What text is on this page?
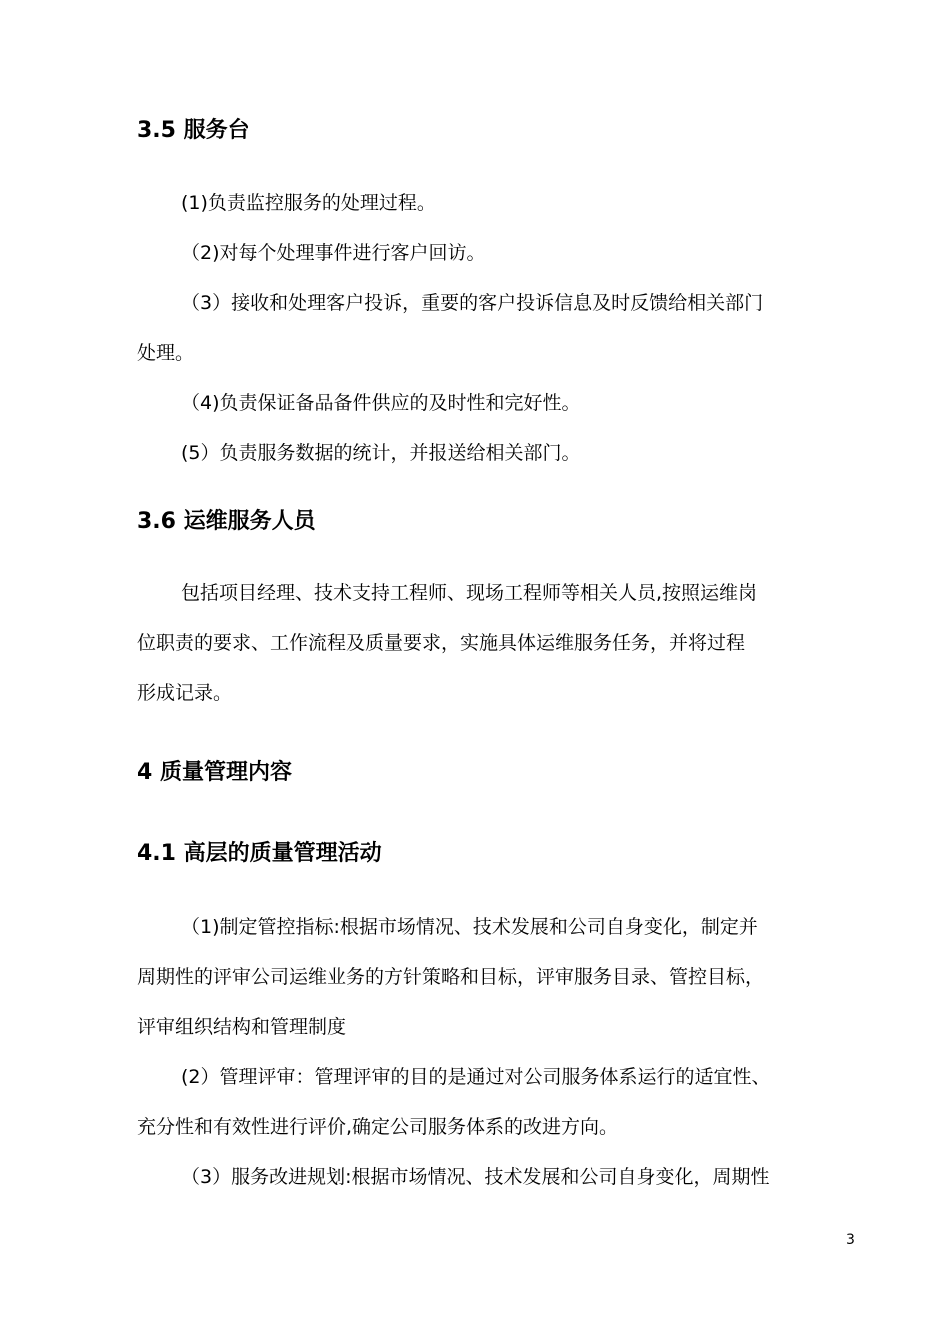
3.5 服务台
(1)负责监控服务的处理过程。
（2)对每个处理事件进行客户回访。
（3）接收和处理客户投诉，重要的客户投诉信息及时反馈给相关部门
处理。
（4)负责保证备品备件供应的及时性和完好性。
(5）负责服务数据的统计，并报送给相关部门。
3.6 运维服务人员
包括项目经理、技术支持工程师、现场工程师等相关人员,按照运维岗
位职责的要求、工作流程及质量要求，实施具体运维服务任务，并将过程
形成记录。
4 质量管理内容
4.1 高层的质量管理活动
（1)制定管控指标:根据市场情况、技术发展和公司自身变化，制定并
周期性的评审公司运维业务的方针策略和目标，评审服务目录、管控目标，
评审组织结构和管理制度
(2）管理评审：管理评审的目的是通过对公司服务体系运行的适宜性、
充分性和有效性进行评价,确定公司服务体系的改进方向。
（3）服务改进规划:根据市场情况、技术发展和公司自身变化，周期性
3
